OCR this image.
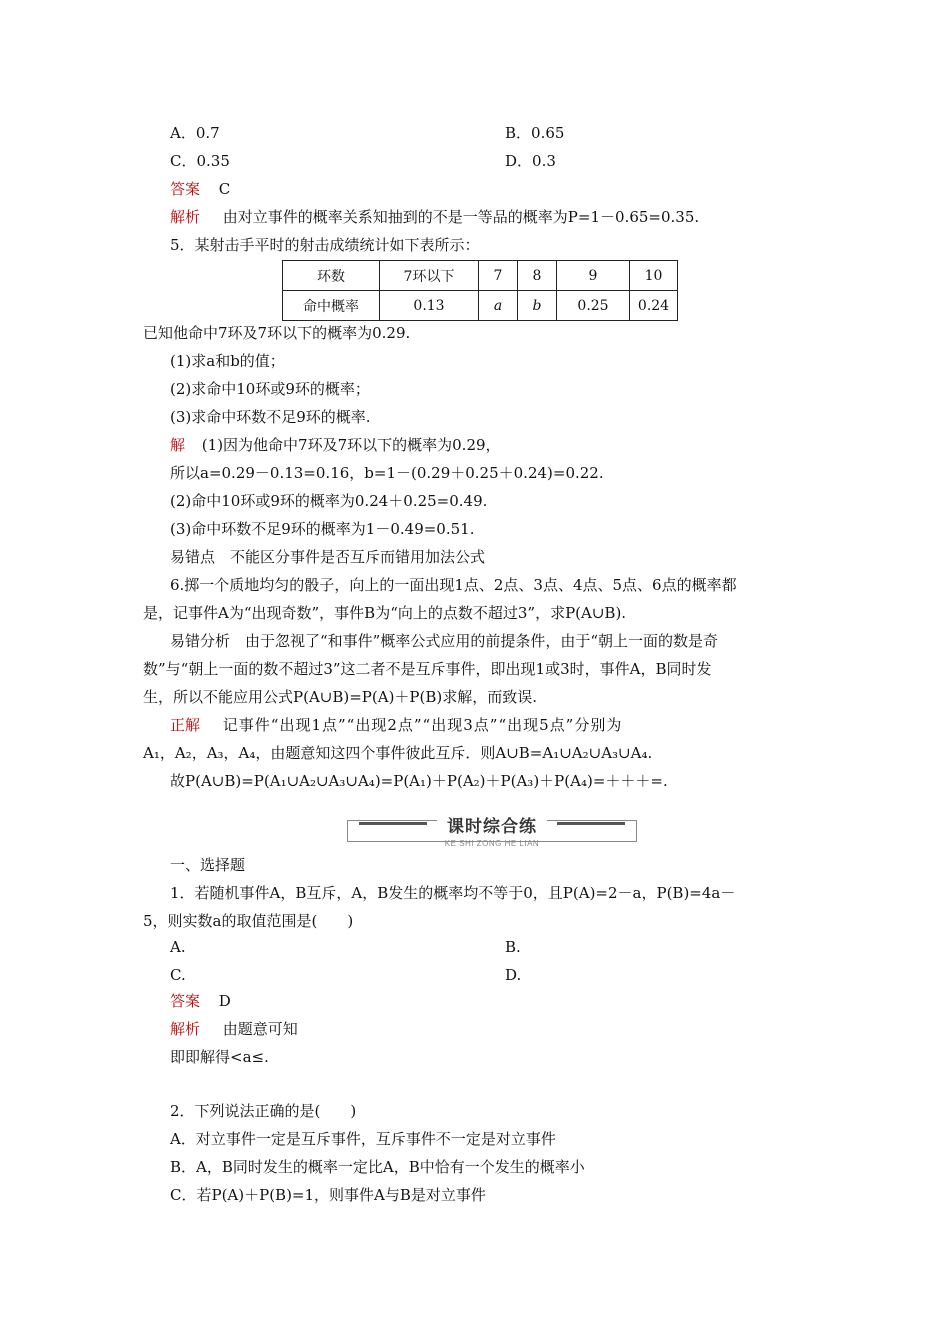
A．0.7	B．0.65
C．0.35	D．0.3
答案 C
解析 由对立事件的概率关系知抽到的不是一等品的概率为P=1－0.65=0.35.
5．某射击手平时的射击成绩统计如下表所示：
环数	7环以下	7	8	9	10
命中概率	0.13	a	b	0.25	0.24
已知他命中7环及7环以下的概率为0.29.
(1)求a和b的值；
(2)求命中10环或9环的概率；
(3)求命中环数不足9环的概率.
解 (1)因为他命中7环及7环以下的概率为0.29，
所以a=0.29－0.13=0.16，b=1－(0.29＋0.25＋0.24)=0.22.
(2)命中10环或9环的概率为0.24＋0.25=0.49.
(3)命中环数不足9环的概率为1－0.49=0.51.
易错点　不能区分事件是否互斥而错用加法公式
6.掷一个质地均匀的骰子，向上的一面出现1点、2点、3点、4点、5点、6点的概率都
是，记事件A为“出现奇数”，事件B为“向上的点数不超过3”，求P(A∪B).
易错分析　由于忽视了“和事件”概率公式应用的前提条件，由于“朝上一面的数是奇
数”与“朝上一面的数不超过3”这二者不是互斥事件，即出现1或3时，事件A，B同时发
生，所以不能应用公式P(A∪B)=P(A)＋P(B)求解，而致误.
正解 记事件“出现1点”“出现2点”“出现3点”“出现5点”分别为
A₁，A₂，A₃，A₄，由题意知这四个事件彼此互斥．则A∪B=A₁∪A₂∪A₃∪A₄.
故P(A∪B)=P(A₁∪A₂∪A₃∪A₄)=P(A₁)＋P(A₂)＋P(A₃)＋P(A₄)=＋＋＋=.
课时综合练
KE SHI ZONG HE LIAN
一、选择题
1．若随机事件A，B互斥，A，B发生的概率均不等于0，且P(A)=2－a，P(B)=4a－
5，则实数a的取值范围是(　　)
A.	B.
C.	D.
答案 D
解析 由题意可知
即即解得<a≤.
2．下列说法正确的是(　　)
A．对立事件一定是互斥事件，互斥事件不一定是对立事件
B．A，B同时发生的概率一定比A，B中恰有一个发生的概率小
C．若P(A)＋P(B)=1，则事件A与B是对立事件
